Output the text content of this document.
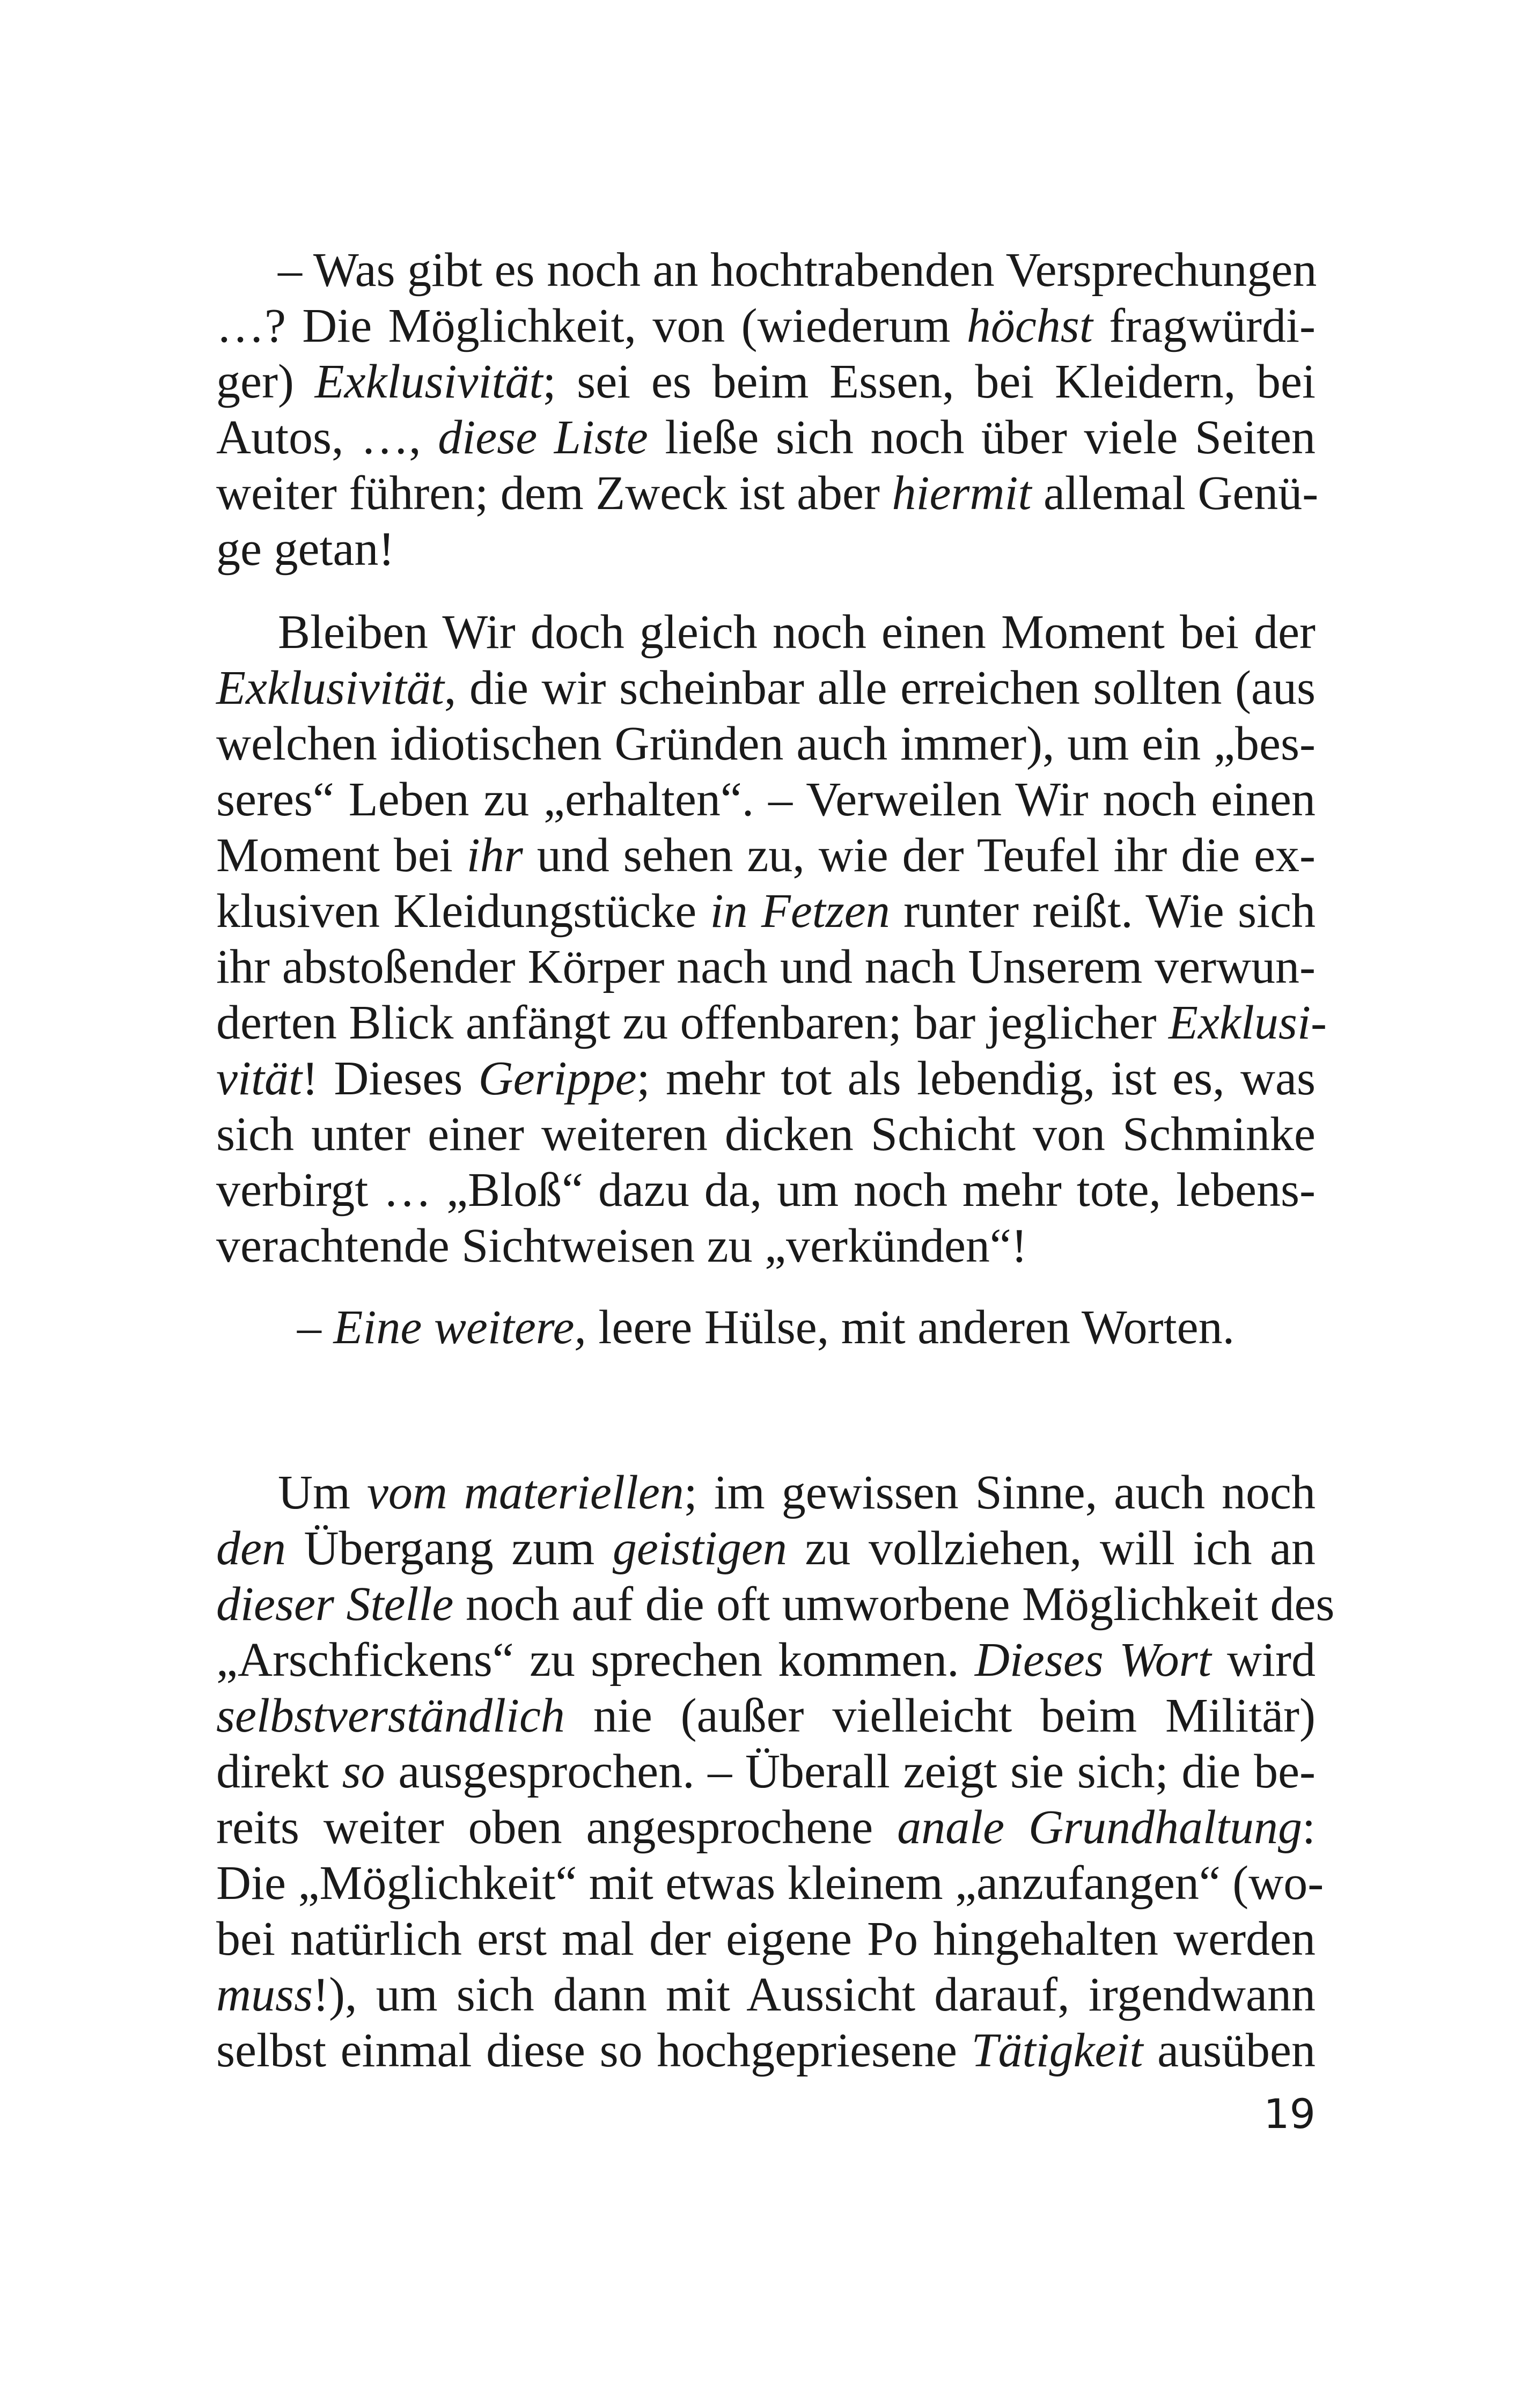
– Was gibt es noch an hochtrabenden Versprechungen
…? Die Möglichkeit, von (wiederum höchst fragwürdi-
ger) Exklusivität; sei es beim Essen, bei Kleidern, bei
Autos, …, diese Liste ließe sich noch über viele Seiten
weiter führen; dem Zweck ist aber hiermit allemal Genü-
ge getan!
Bleiben Wir doch gleich noch einen Moment bei der
Exklusivität, die wir scheinbar alle erreichen sollten (aus
welchen idiotischen Gründen auch immer), um ein „bes-
seres“ Leben zu „erhalten“. – Verweilen Wir noch einen
Moment bei ihr und sehen zu, wie der Teufel ihr die ex-
klusiven Kleidungstücke in Fetzen runter reißt. Wie sich
ihr abstoßender Körper nach und nach Unserem verwun-
derten Blick anfängt zu offenbaren; bar jeglicher Exklusi-
vität! Dieses Gerippe; mehr tot als lebendig, ist es, was
sich unter einer weiteren dicken Schicht von Schminke
verbirgt … „Bloß“ dazu da, um noch mehr tote, lebens-
verachtende Sichtweisen zu „verkünden“!
– Eine weitere, leere Hülse, mit anderen Worten.
Um vom materiellen; im gewissen Sinne, auch noch
den Übergang zum geistigen zu vollziehen, will ich an
dieser Stelle noch auf die oft umworbene Möglichkeit des
„Arschfickens“ zu sprechen kommen. Dieses Wort wird
selbstverständlich nie (außer vielleicht beim Militär)
direkt so ausgesprochen. – Überall zeigt sie sich; die be-
reits weiter oben angesprochene anale Grundhaltung:
Die „Möglichkeit“ mit etwas kleinem „anzufangen“ (wo-
bei natürlich erst mal der eigene Po hingehalten werden
muss!), um sich dann mit Aussicht darauf, irgendwann
selbst einmal diese so hochgepriesene Tätigkeit ausüben
19
